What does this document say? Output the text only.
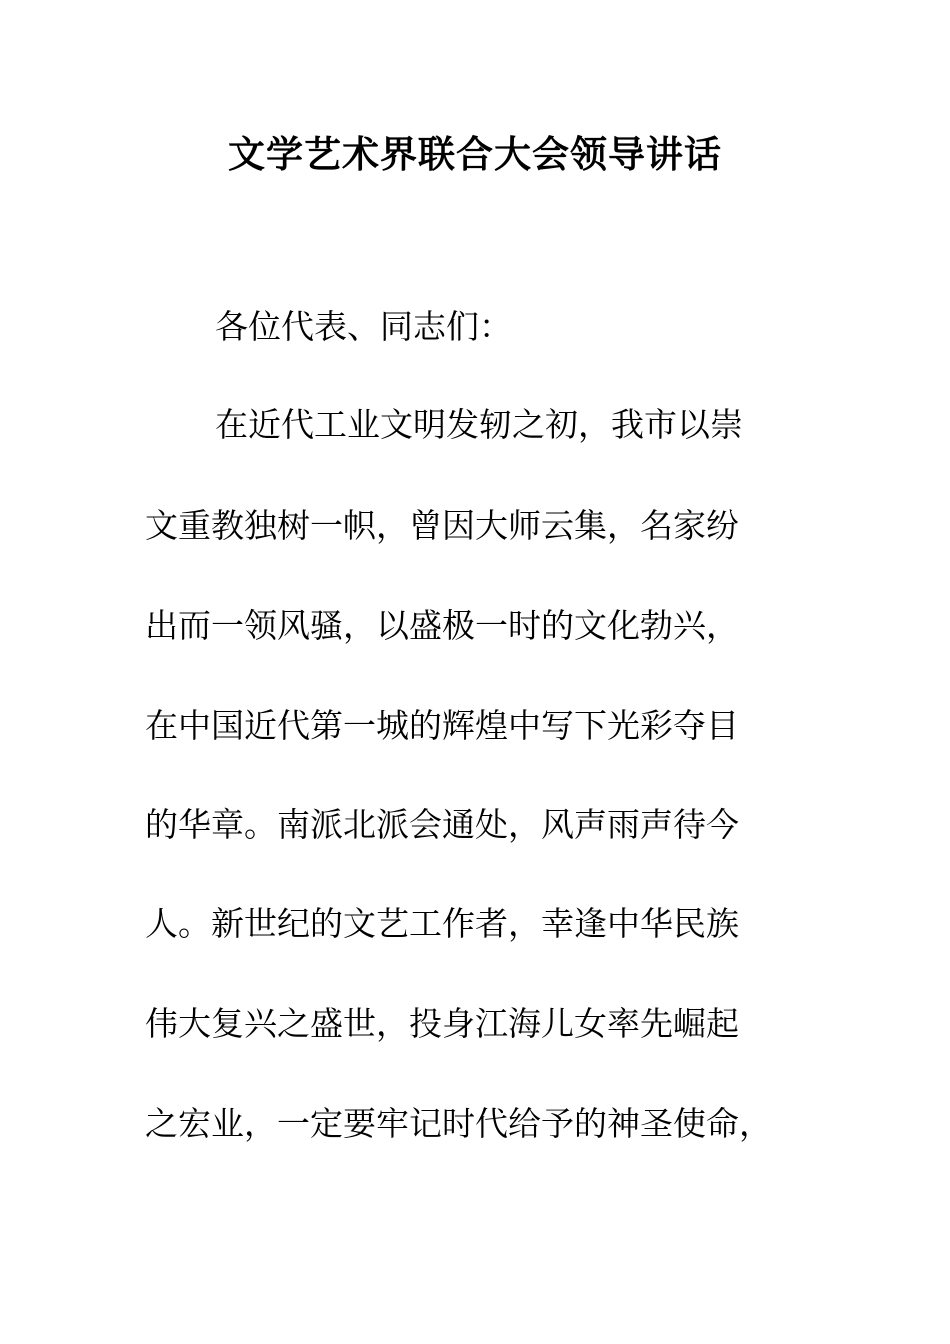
文学艺术界联合大会领导讲话
各位代表、同志们：
在近代工业文明发轫之初，我市以崇
文重教独树一帜，曾因大师云集，名家纷
出而一领风骚，以盛极一时的文化勃兴，
在中国近代第一城的辉煌中写下光彩夺目
的华章。南派北派会通处，风声雨声待今
人。新世纪的文艺工作者，幸逢中华民族
伟大复兴之盛世，投身江海儿女率先崛起
之宏业，一定要牢记时代给予的神圣使命，
